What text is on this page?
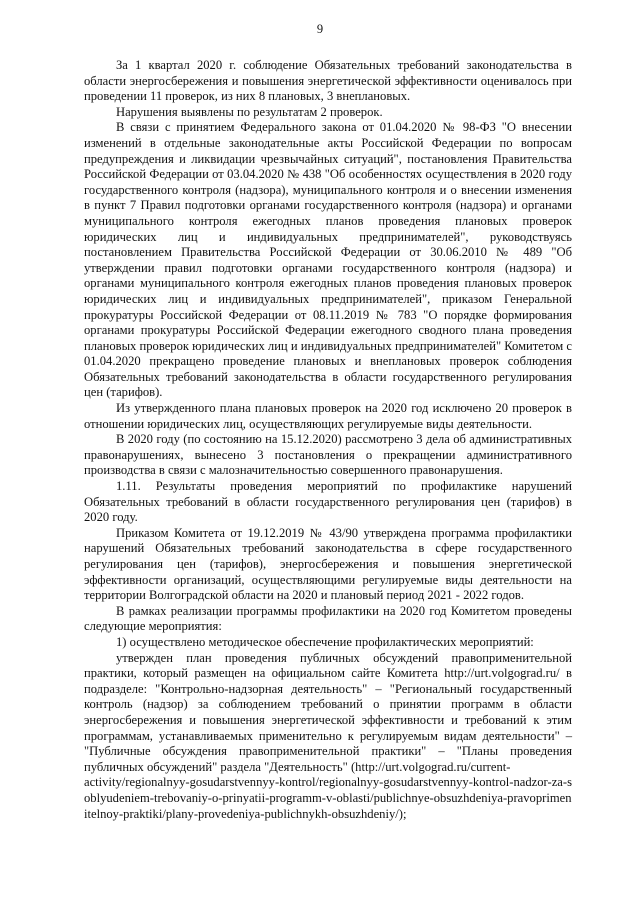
9

За 1 квартал 2020 г. соблюдение Обязательных требований законодательства в области энергосбережения и повышения энергетической эффективности оценивалось при проведении 11 проверок, из них 8 плановых, 3 внеплановых.

Нарушения выявлены по результатам 2 проверок.

В связи с принятием Федерального закона от 01.04.2020 № 98-ФЗ "О внесении изменений в отдельные законодательные акты Российской Федерации по вопросам предупреждения и ликвидации чрезвычайных ситуаций", постановления Правительства Российской Федерации от 03.04.2020 № 438 "Об особенностях осуществления в 2020 году государственного контроля (надзора), муниципального контроля и о внесении изменения в пункт 7 Правил подготовки органами государственного контроля (надзора) и органами муниципального контроля ежегодных планов проведения плановых проверок юридических лиц и индивидуальных предпринимателей", руководствуясь постановлением Правительства Российской Федерации от 30.06.2010 № 489 "Об утверждении правил подготовки органами государственного контроля (надзора) и органами муниципального контроля ежегодных планов проведения плановых проверок юридических лиц и индивидуальных предпринимателей", приказом Генеральной прокуратуры Российской Федерации от 08.11.2019 № 783 "О порядке формирования органами прокуратуры Российской Федерации ежегодного сводного плана проведения плановых проверок юридических лиц и индивидуальных предпринимателей" Комитетом с 01.04.2020 прекращено проведение плановых и внеплановых проверок соблюдения Обязательных требований законодательства в области государственного регулирования цен (тарифов).

Из утвержденного плана плановых проверок на 2020 год исключено 20 проверок в отношении юридических лиц, осуществляющих регулируемые виды деятельности.

В 2020 году (по состоянию на 15.12.2020) рассмотрено 3 дела об административных правонарушениях, вынесено 3 постановления о прекращении административного производства в связи с малозначительностью совершенного правонарушения.

1.11. Результаты проведения мероприятий по профилактике нарушений Обязательных требований в области государственного регулирования цен (тарифов) в 2020 году.

Приказом Комитета от 19.12.2019 № 43/90 утверждена программа профилактики нарушений Обязательных требований законодательства в сфере государственного регулирования цен (тарифов), энергосбережения и повышения энергетической эффективности организаций, осуществляющими регулируемые виды деятельности на территории Волгоградской области на 2020 и плановый период 2021 - 2022 годов.

В рамках реализации программы профилактики на 2020 год Комитетом проведены следующие мероприятия:

1) осуществлено методическое обеспечение профилактических мероприятий:

утвержден план проведения публичных обсуждений правоприменительной практики, который размещен на официальном сайте Комитета http://urt.volgograd.ru/ в подразделе: "Контрольно-надзорная деятельность" – "Региональный государственный контроль (надзор) за соблюдением требований о принятии программ в области энергосбережения и повышения энергетической эффективности и требований к этим программам, устанавливаемых применительно к регулируемым видам деятельности" – "Публичные обсуждения правоприменительной практики" – "Планы проведения публичных обсуждений" раздела "Деятельность" (http://urt.volgograd.ru/current-

activity/regionalnyy-gosudarstvennyy-kontrol/regionalnyy-gosudarstvennyy-kontrol-nadzor-za-soblyudeniem-trebovaniy-o-prinyatii-programm-v-oblasti/publichnye-obsuzhdeniya-pravoprimenitelnoy-praktiki/plany-provedeniya-publichnykh-obsuzhdeniy/);
